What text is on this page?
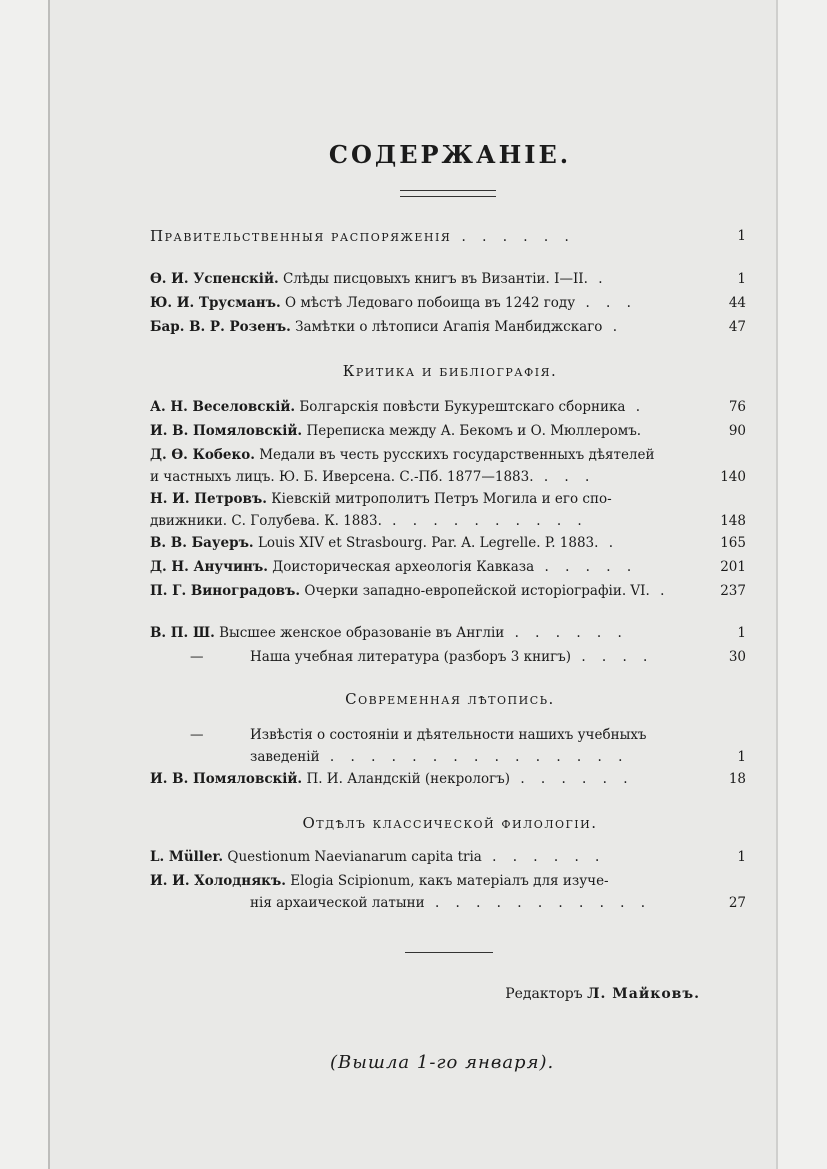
СОДЕРЖАНІЕ.
Правительственныя распоряженія . . . . . .	1
Ѳ. И. Успенскій. Слѣды писцовыхъ книгъ въ Византіи. I—II. .	1
Ю. И. Трусманъ. О мѣстѣ Ледоваго побоища въ 1242 году . . .	44
Бар. В. Р. Розенъ. Замѣтки о лѣтописи Агапія Манбиджскаго .	47
Критика и библіографія.
А. Н. Веселовскій. Болгарскія повѣсти Букурештскаго сборника .	76
И. В. Помяловскій. Переписка между А. Бекомъ и О. Мюллеромъ.	90
Д. Ѳ. Кобеко. Медали въ честь русскихъ государственныхъ дѣятелей
и частныхъ лицъ. Ю. Б. Иверсена. С.-Пб. 1877—1883. . . .	140
Н. И. Петровъ. Кіевскій митрополитъ Петръ Могила и его спо-
движники. С. Голубева. К. 1883. . . . . . . . . . .	148
В. В. Бауеръ. Louis XIV et Strasbourg. Par. A. Legrelle. P. 1883. .	165
Д. Н. Анучинъ. Доисторическая археологія Кавказа . . . . .	201
П. Г. Виноградовъ. Очерки западно-европейской исторіографіи. VI. .	237
В. П. Ш. Высшее женское образованіе въ Англіи . . . . . .	1
—	Наша учебная литература (разборъ 3 книгъ) . . . .	30
Современная лѣтопись.
—	Извѣстія о состояніи и дѣятельности нашихъ учебныхъ
заведеній . . . . . . . . . . . . . . .	1
И. В. Помяловскій. П. И. Аландскій (некрологъ) . . . . . .	18
Отдѣлъ классической филологіи.
L. Müller. Questionum Naevianarum capita tria . . . . . .	1
И. И. Холоднякъ. Elogia Scipionum, какъ матеріалъ для изуче-
нія архаической латыни . . . . . . . . . . .	27
Редакторъ Л. Майковъ.
(Вышла 1-го января).
